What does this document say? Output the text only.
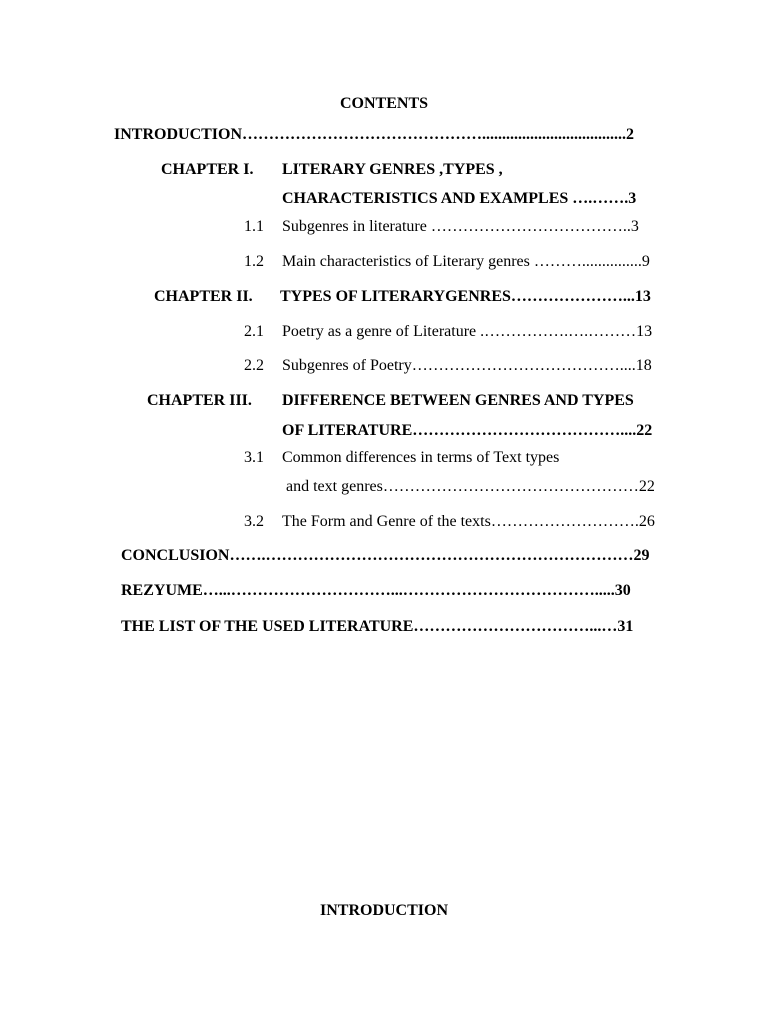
CONTENTS
INTRODUCTION………………………………………....................................2
CHAPTER I. LITERARY GENRES ,TYPES ,
CHARACTERISTICS AND EXAMPLES ….…….3
1.1 Subgenres in literature ………………………………..3
1.2 Main characteristics of Literary genres ………...............9
CHAPTER II. TYPES OF LITERARYGENRES…………………...13
2.1 Poetry as a genre of Literature .…………….….………13
2.2 Subgenres of Poetry…………………………………....18
CHAPTER III. DIFFERENCE BETWEEN GENRES AND TYPES
OF LITERATURE…………………………………....22
3.1 Common differences in terms of Text types
and text genres…………………………………………22
3.2 The Form and Genre of the texts……………………….26
CONCLUSION…….……………………………………………………………29
REZYUME…...…………………………...……………………………….....30
THE LIST OF THE USED LITERATURE……………………………...…31
INTRODUCTION
